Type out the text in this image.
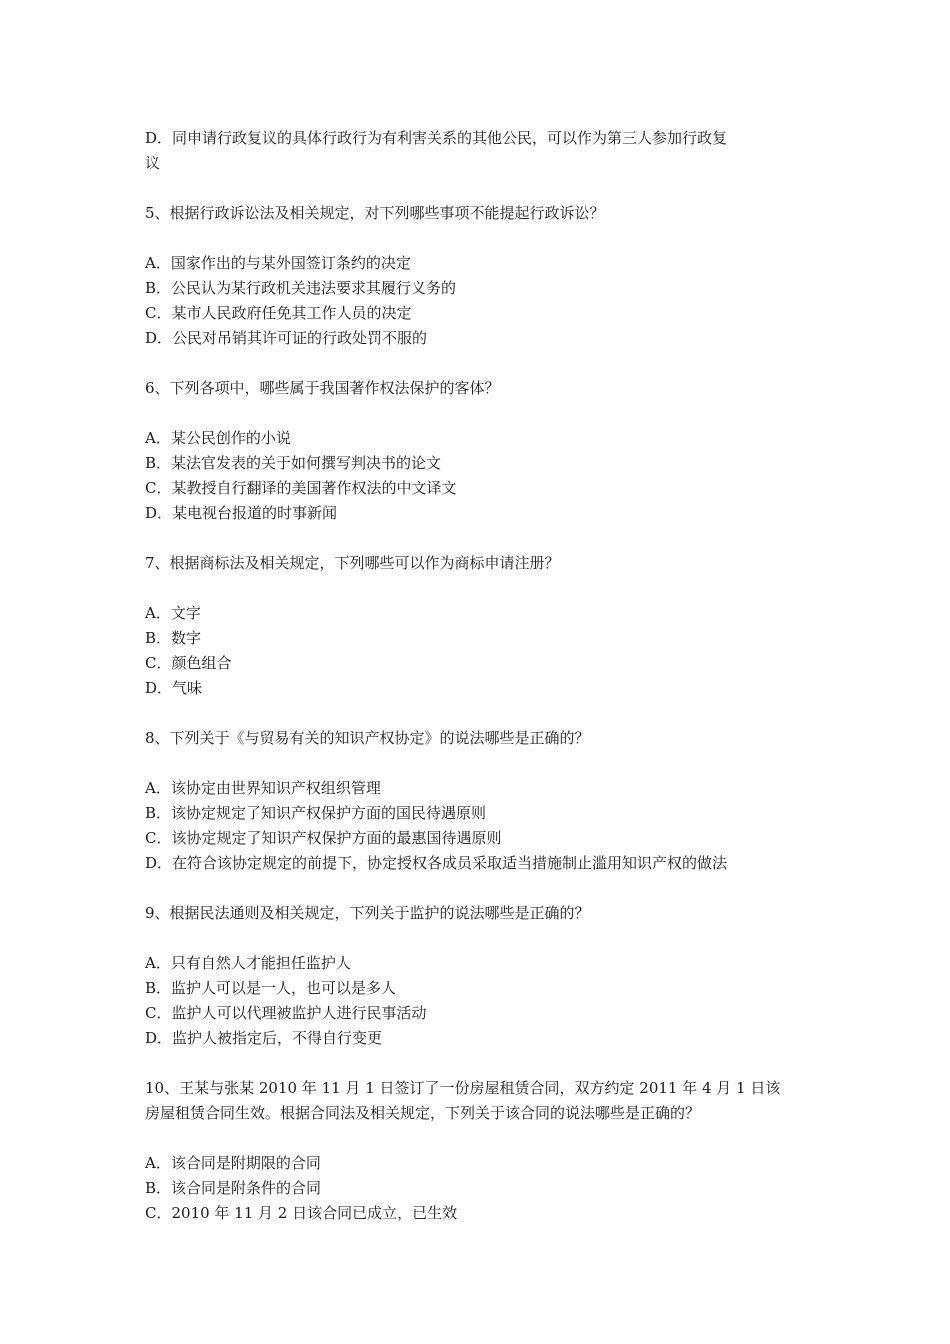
D．同申请行政复议的具体行政行为有利害关系的其他公民，可以作为第三人参加行政复
议
5、根据行政诉讼法及相关规定，对下列哪些事项不能提起行政诉讼？
A．国家作出的与某外国签订条约的决定
B．公民认为某行政机关违法要求其履行义务的
C．某市人民政府任免其工作人员的决定
D．公民对吊销其许可证的行政处罚不服的
6、下列各项中，哪些属于我国著作权法保护的客体？
A．某公民创作的小说
B．某法官发表的关于如何撰写判决书的论文
C．某教授自行翻译的美国著作权法的中文译文
D．某电视台报道的时事新闻
7、根据商标法及相关规定，下列哪些可以作为商标申请注册？
A．文字
B．数字
C．颜色组合
D．气味
8、下列关于《与贸易有关的知识产权协定》的说法哪些是正确的？
A．该协定由世界知识产权组织管理
B．该协定规定了知识产权保护方面的国民待遇原则
C．该协定规定了知识产权保护方面的最惠国待遇原则
D．在符合该协定规定的前提下，协定授权各成员采取适当措施制止滥用知识产权的做法
9、根据民法通则及相关规定，下列关于监护的说法哪些是正确的？
A．只有自然人才能担任监护人
B．监护人可以是一人，也可以是多人
C．监护人可以代理被监护人进行民事活动
D．监护人被指定后，不得自行变更
10、王某与张某 2010 年 11 月 1 日签订了一份房屋租赁合同，双方约定 2011 年 4 月 1 日该
房屋租赁合同生效。根据合同法及相关规定，下列关于该合同的说法哪些是正确的？
A．该合同是附期限的合同
B．该合同是附条件的合同
C．2010 年 11 月 2 日该合同已成立，已生效
